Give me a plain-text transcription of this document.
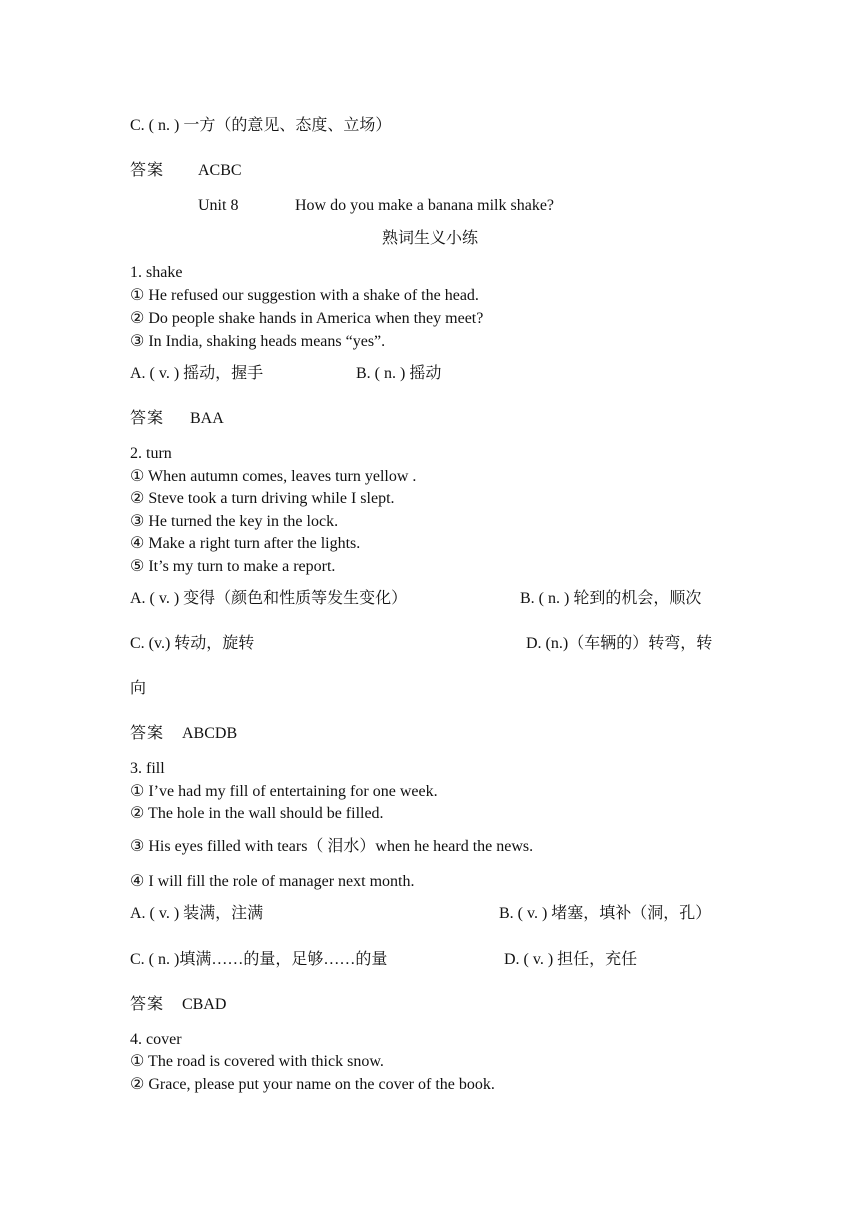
C. ( n. ) 一方（的意见、态度、立场）
答案 ACBC
Unit 8	How do you make a banana milk shake?
熟词生义小练
1. shake
① He refused our suggestion with a shake of the head.
② Do people shake hands in America when they meet?
③ In India, shaking heads means “yes”.
A. ( v. ) 摇动，握手	B. ( n. ) 摇动
答案 BAA
2. turn
① When autumn comes, leaves turn yellow .
② Steve took a turn driving while I slept.
③ He turned the key in the lock.
④ Make a right turn after the lights.
⑤ It’s my turn to make a report.
A. ( v. ) 变得（颜色和性质等发生变化）	B. ( n. ) 轮到的机会，顺次
C. (v.) 转动，旋转	D. (n.)（车辆的）转弯，转
向
答案 ABCDB
3. fill
① I’ve had my fill of entertaining for one week.
② The hole in the wall should be filled.
③ His eyes filled with tears（ 泪水）when he heard the news.
④ I will fill the role of manager next month.
A. ( v. ) 装满，注满	B. ( v. ) 堵塞，填补（洞，孔）
C. ( n. )填满……的量，足够……的量	D. ( v. ) 担任，充任
答案 CBAD
4. cover
① The road is covered with thick snow.
② Grace, please put your name on the cover of the book.
